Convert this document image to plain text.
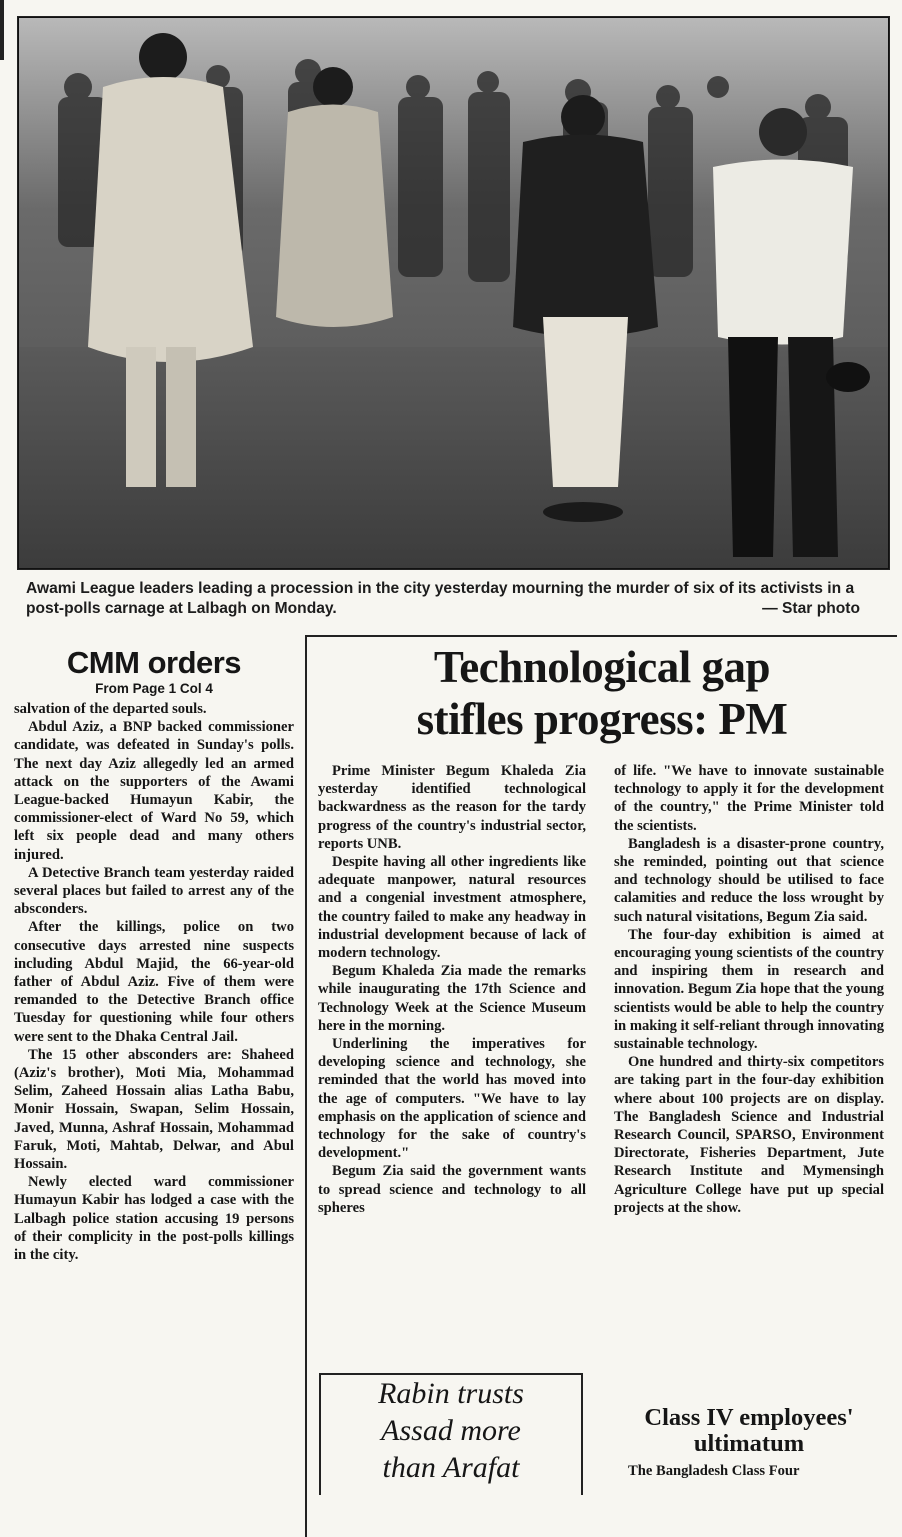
Awami League leaders leading a procession in the city yesterday mourning the murder of six of its activists in a post-polls carnage at Lalbagh on Monday.	— Star photo
CMM orders
From Page 1 Col 4

salvation of the departed souls.

Abdul Aziz, a BNP backed commissioner candidate, was defeated in Sunday's polls. The next day Aziz allegedly led an armed attack on the supporters of the Awami League-backed Humayun Kabir, the commissioner-elect of Ward No 59, which left six people dead and many others injured.

A Detective Branch team yesterday raided several places but failed to arrest any of the absconders.

After the killings, police on two consecutive days arrested nine suspects including Abdul Majid, the 66-year-old father of Abdul Aziz. Five of them were remanded to the Detective Branch office Tuesday for questioning while four others were sent to the Dhaka Central Jail.

The 15 other absconders are: Shaheed (Aziz's brother), Moti Mia, Mohammad Selim, Zaheed Hossain alias Latha Babu, Monir Hossain, Swapan, Selim Hossain, Javed, Munna, Ashraf Hossain, Mohammad Faruk, Moti, Mahtab, Delwar, and Abul Hossain.

Newly elected ward commissioner Humayun Kabir has lodged a case with the Lalbagh police station accusing 19 persons of their complicity in the post-polls killings in the city.

Technological gap
stifles progress: PM

Prime Minister Begum Khaleda Zia yesterday identified technological backwardness as the reason for the tardy progress of the country's industrial sector, reports UNB.

Despite having all other ingredients like adequate manpower, natural resources and a congenial investment atmosphere, the country failed to make any headway in industrial development because of lack of modern technology.

Begum Khaleda Zia made the remarks while inaugurating the 17th Science and Technology Week at the Science Museum here in the morning.

Underlining the imperatives for developing science and technology, she reminded that the world has moved into the age of computers. "We have to lay emphasis on the application of science and technology for the sake of country's development."

Begum Zia said the government wants to spread science and technology to all spheres

of life. "We have to innovate sustainable technology to apply it for the development of the country," the Prime Minister told the scientists.

Bangladesh is a disaster-prone country, she reminded, pointing out that science and technology should be utilised to face calamities and reduce the loss wrought by such natural visitations, Begum Zia said.

The four-day exhibition is aimed at encouraging young scientists of the country and inspiring them in research and innovation. Begum Zia hope that the young scientists would be able to help the country in making it self-reliant through innovating sustainable technology.

One hundred and thirty-six competitors are taking part in the four-day exhibition where about 100 projects are on display. The Bangladesh Science and Industrial Research Council, SPARSO, Environment Directorate, Fisheries Department, Jute Research Institute and Mymensingh Agriculture College have put up special projects at the show.

Rabin trusts
Assad more
than Arafat
Class IV employees'
ultimatum

The Bangladesh Class Four
